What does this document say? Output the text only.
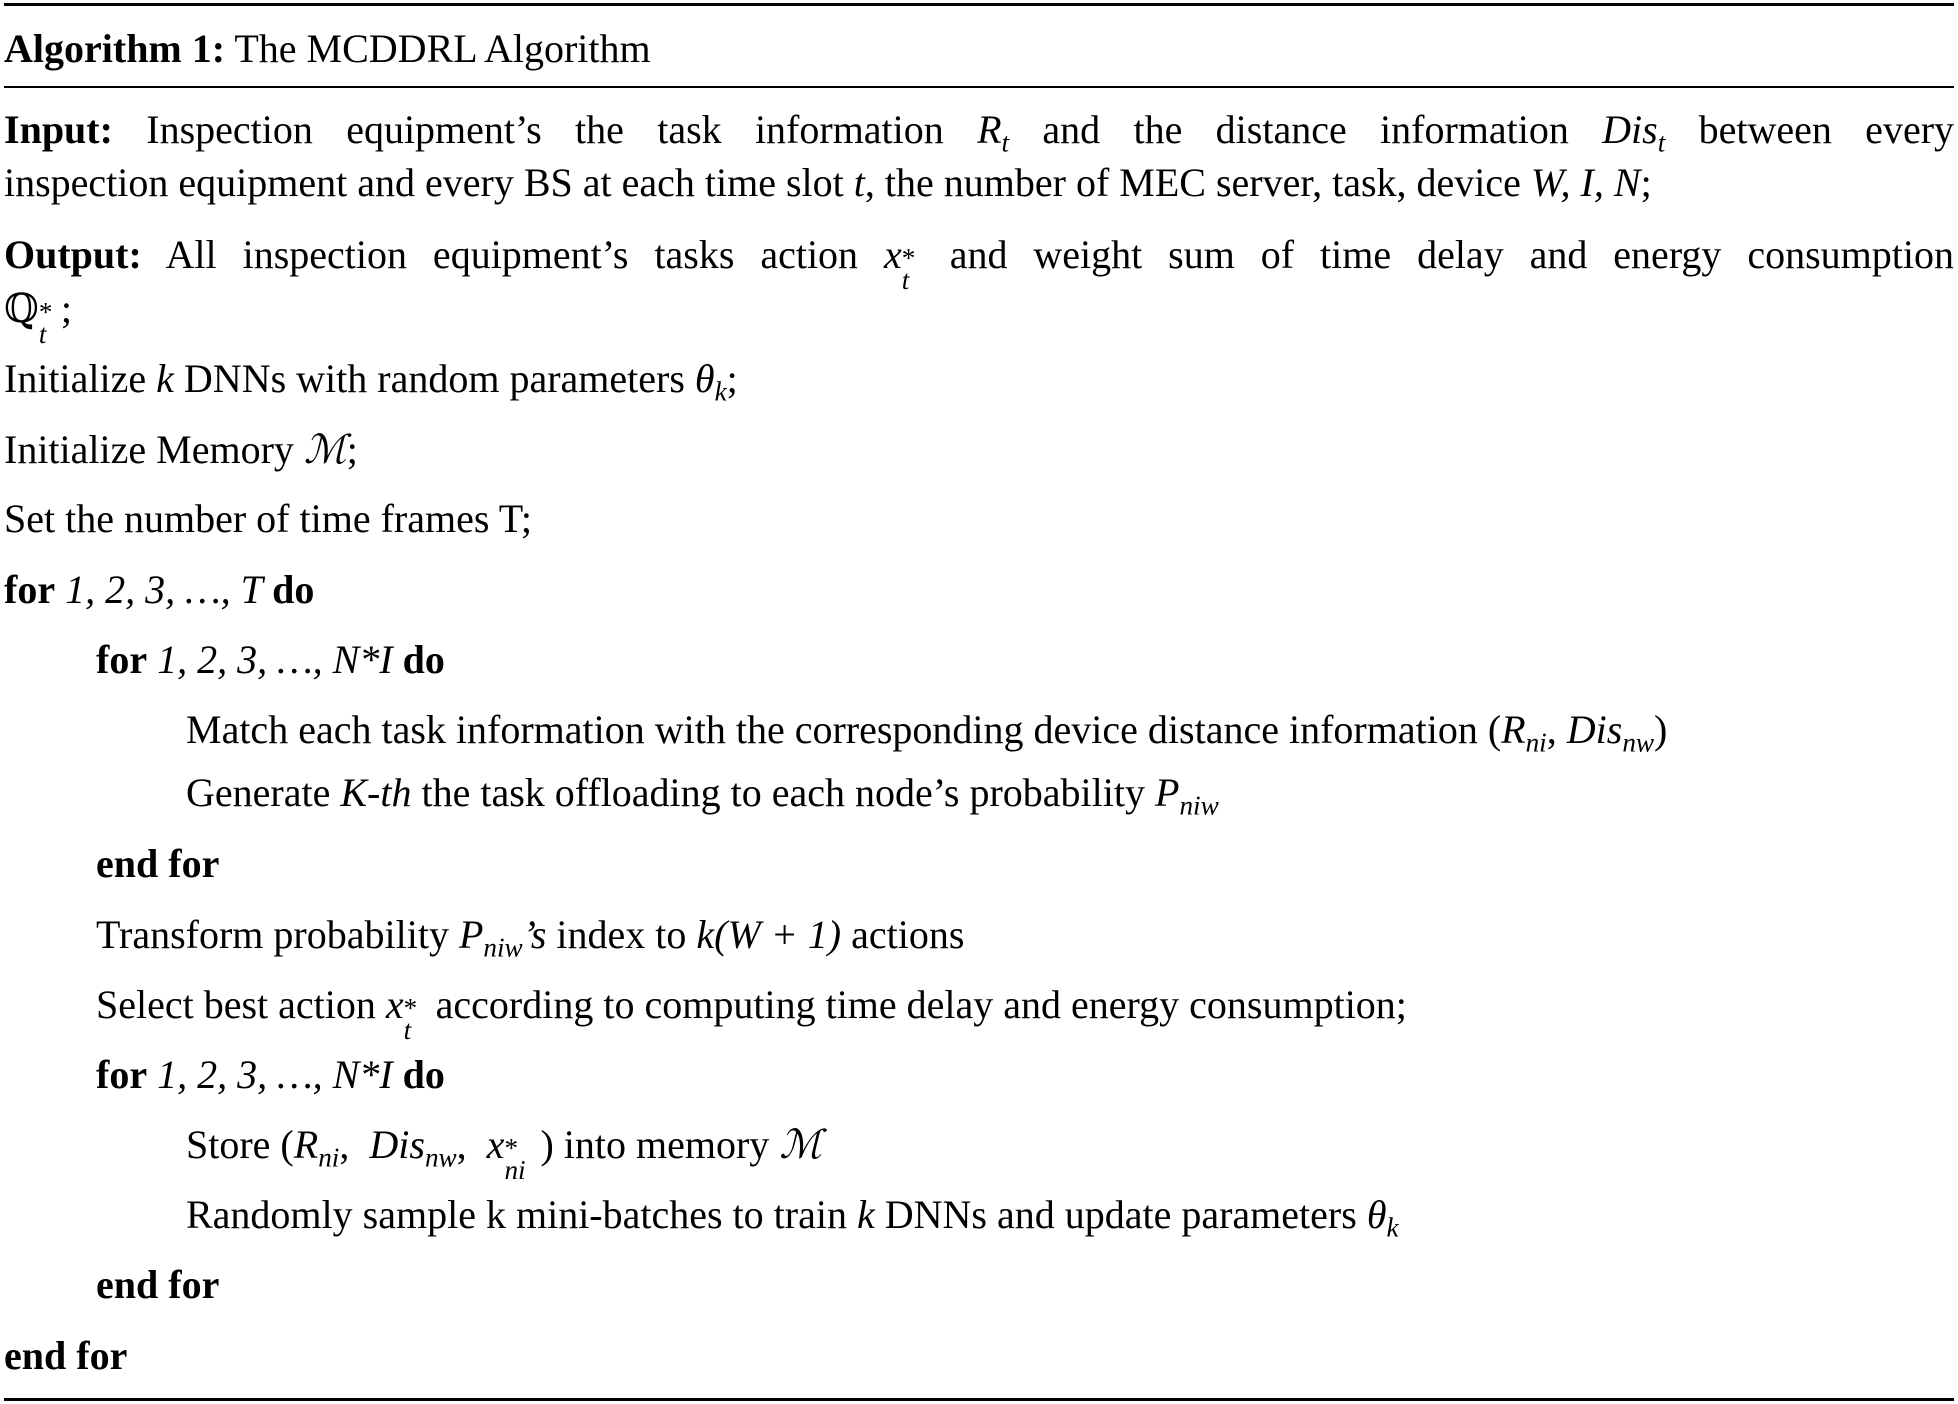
Algorithm 1: The MCDDRL Algorithm
Input: Inspection equipment’s the task information $R_t$ and the distance information Dis$_t$ between every
inspection equipment and every BS at each time slot t, the number of MEC server, task, device W, I, N;
Output: All inspection equipment’s tasks action x *
t
and weight sum of time delay and energy consumption
ℚ *
t
;
Initialize k DNNs with random parameters $\theta_k$;
Initialize Memory ℳ;
Set the number of time frames T;
for 1, 2, 3, …, T do
for 1, 2, 3, …, N*I do
Match each task information with the corresponding device distance information ($R_{ni}$, Dis$_{nw}$)
Generate K-th the task offloading to each node’s probability $P_{niw}$
end for
Transform probability $P_{niw}’s$ index to k(W + 1) actions
Select best action x *
t
according to computing time delay and energy consumption;
for 1, 2, 3, …, N*I do
Store ($R_{ni}$,  Dis$_{nw}$,  x *
ni
) into memory ℳ
Randomly sample k mini-batches to train k DNNs and update parameters $\theta_k$
end for
end for
